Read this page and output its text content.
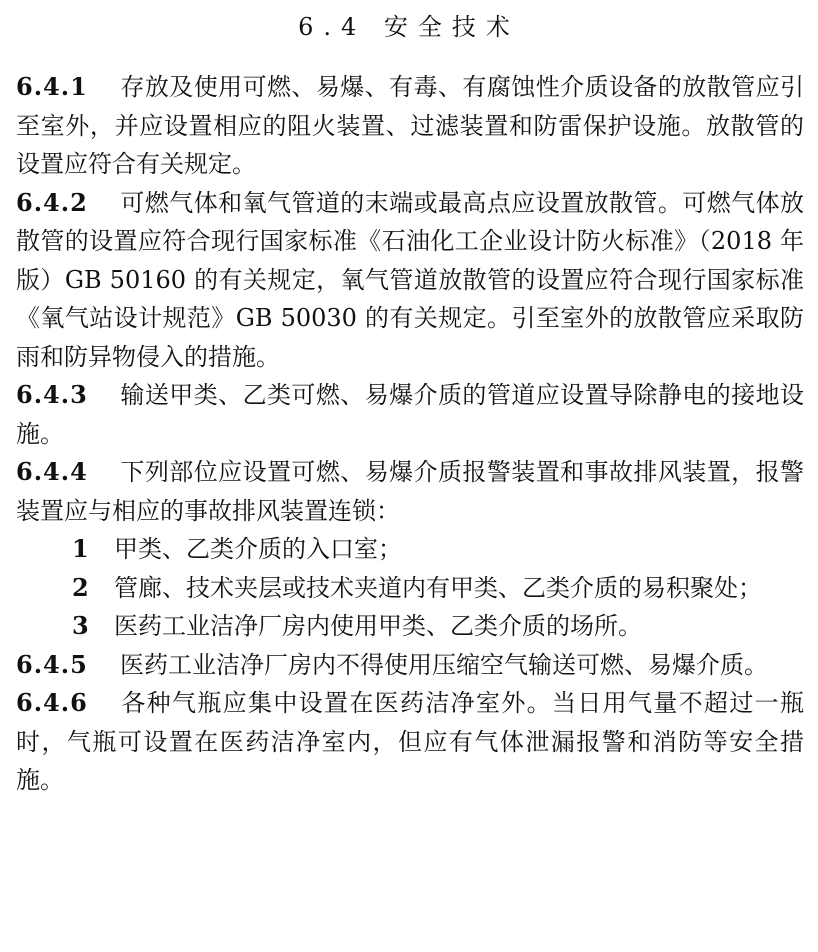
6.4 安全技术
6.4.1 存放及使用可燃、易爆、有毒、有腐蚀性介质设备的放散管应引至室外，并应设置相应的阻火装置、过滤装置和防雷保护设施。放散管的设置应符合有关规定。
6.4.2 可燃气体和氧气管道的末端或最高点应设置放散管。可燃气体放散管的设置应符合现行国家标准《石油化工企业设计防火标准》（2018 年版）GB 50160 的有关规定，氧气管道放散管的设置应符合现行国家标准《氧气站设计规范》GB 50030 的有关规定。引至室外的放散管应采取防雨和防异物侵入的措施。
6.4.3 输送甲类、乙类可燃、易爆介质的管道应设置导除静电的接地设施。
6.4.4 下列部位应设置可燃、易爆介质报警装置和事故排风装置，报警装置应与相应的事故排风装置连锁：
1 甲类、乙类介质的入口室；
2 管廊、技术夹层或技术夹道内有甲类、乙类介质的易积聚处；
3 医药工业洁净厂房内使用甲类、乙类介质的场所。
6.4.5 医药工业洁净厂房内不得使用压缩空气输送可燃、易爆介质。
6.4.6 各种气瓶应集中设置在医药洁净室外。当日用气量不超过一瓶时，气瓶可设置在医药洁净室内，但应有气体泄漏报警和消防等安全措施。
